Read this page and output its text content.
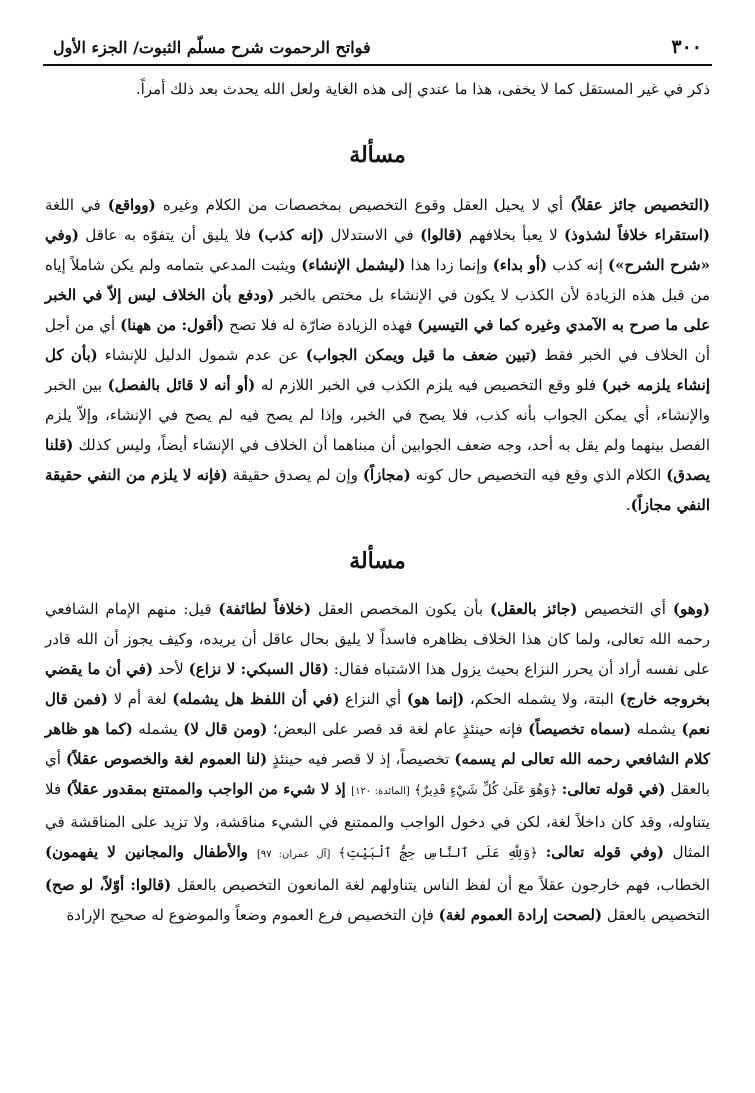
٣٠٠
فواتح الرحموت شرح مسلّم الثبوت/ الجزء الأول

ذكر في غير المستقل كما لا يخفى، هذا ما عندي إلى هذه الغاية ولعل الله يحدث بعد ذلك أمراً.

مسألة

(التخصيص جائز عقلاً) أي لا يحيل العقل وقوع التخصيص بمخصصات من الكلام وغيره (وواقع) في اللغة (استقراء خلافاً لشذوذ) لا يعبأ بخلافهم (قالوا) في الاستدلال (إنه كذب) فلا يليق أن يتفوّه به عاقل (وفي «شرح الشرح») إنه كذب (أو بداء) وإنما زدا هذا (ليشمل الإنشاء) ويثبت المدعي بتمامه ولم يكن شاملاً إياه من قبل هذه الزيادة لأن الكذب لا يكون في الإنشاء بل مختص بالخبر (ودفع بأن الخلاف ليس إلاّ في الخبر على ما صرح به الآمدي وغيره كما في التيسير) فهذه الزيادة ضارّة له فلا تصح (أقول: من ههنا) أي من أجل أن الخلاف في الخبر فقط (تبين ضعف ما قيل ويمكن الجواب) عن عدم شمول الدليل للإنشاء (بأن كل إنشاء يلزمه خبر) فلو وقع التخصيص فيه يلزم الكذب في الخبر اللازم له (أو أنه لا قائل بالفصل) بين الخبر والإنشاء، أي يمكن الجواب بأنه كذب، فلا يصح في الخبر، وإذا لم يصح فيه لم يصح في الإنشاء، وإلاّ يلزم الفصل بينهما ولم يقل به أحد، وجه ضعف الجوابين أن مبناهما أن الخلاف في الإنشاء أيضاً، وليس كذلك (قلنا يصدق) الكلام الذي وقع فيه التخصيص حال كونه (مجازاً) وإن لم يصدق حقيقة (فإنه لا يلزم من النفي حقيقة النفي مجازاً).

مسألة

(وهو) أي التخصيص (جائز بالعقل) بأن يكون المخصص العقل (خلافاً لطائفة) قيل: منهم الإمام الشافعي رحمه الله تعالى، ولما كان هذا الخلاف بظاهره فاسداً لا يليق بحال عاقل أن يريده، وكيف يجوز أن الله قادر على نفسه أراد أن يحرر النزاع بحيث يزول هذا الاشتباه فقال: (قال السبكي: لا نزاع) لأحد (في أن ما يقضي بخروجه خارج) البتة، ولا يشمله الحكم، (إنما هو) أي النزاع (في أن اللفظ هل يشمله) لغة أم لا (فمن قال نعم) يشمله (سماه تخصيصاً) فإنه حينئذٍ عام لغة قد قصر على البعض؛ (ومن قال لا) يشمله (كما هو ظاهر كلام الشافعي رحمه الله تعالى لم يسمه) تخصيصاً، إذ لا قصر فيه حينئذٍ (لنا العموم لغة والخصوص عقلاً) أي بالعقل (في قوله تعالى: ﴿وَهُوَ عَلَىٰ كُلِّ شَيْءٍ قَدِيرٌ﴾ [المائدة: ١٢٠] إذ لا شيء من الواجب والممتنع بمقدور عقلاً) فلا يتناوله، وقد كان داخلاً لغة، لكن في دخول الواجب والممتنع في الشيء مناقشة، ولا تزيد على المناقشة في المثال (وفي قوله تعالى: ﴿وَلِلَّهِ عَلَى ٱلنَّاسِ حِجُّ ٱلْبَيْتِ﴾ [آل عمران: ٩٧] والأطفال والمجانين لا يفهمون) الخطاب، فهم خارجون عقلاً مع أن لفظ الناس يتناولهم لغة المانعون التخصيص بالعقل (قالوا: أوّلاً، لو صح) التخصيص بالعقل (لصحت إرادة العموم لغة) فإن التخصيص فرع العموم وضعاً والموضوع له صحيح الإرادة
